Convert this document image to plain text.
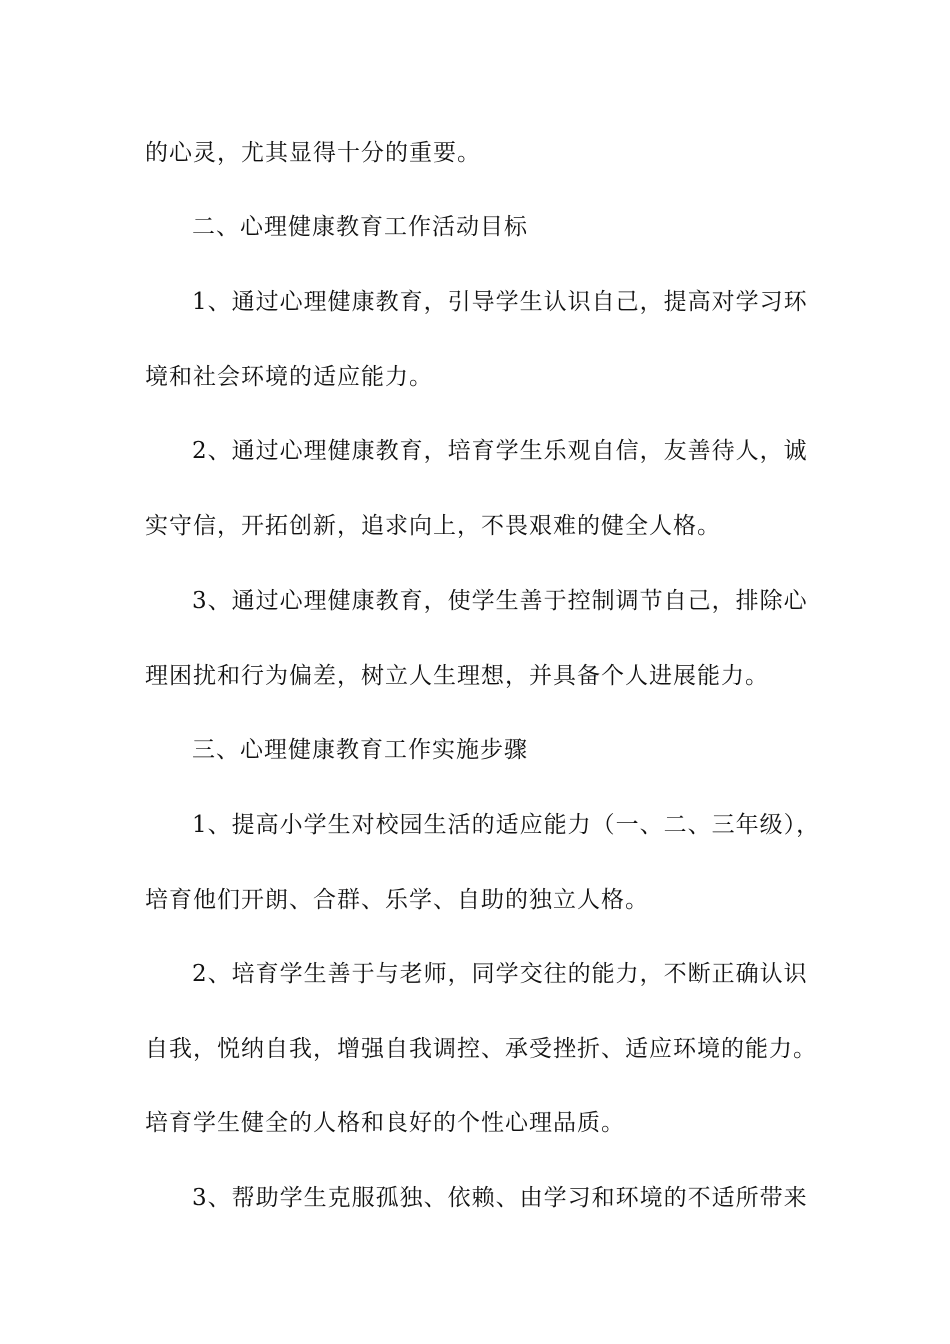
的心灵，尤其显得十分的重要。
二、心理健康教育工作活动目标
1、通过心理健康教育，引导学生认识自己，提高对学习环
境和社会环境的适应能力。
2、通过心理健康教育，培育学生乐观自信，友善待人，诚
实守信，开拓创新，追求向上，不畏艰难的健全人格。
3、通过心理健康教育，使学生善于控制调节自己，排除心
理困扰和行为偏差，树立人生理想，并具备个人进展能力。
三、心理健康教育工作实施步骤
1、提高小学生对校园生活的适应能力（一、二、三年级），
培育他们开朗、合群、乐学、自助的独立人格。
2、培育学生善于与老师，同学交往的能力，不断正确认识
自我，悦纳自我，增强自我调控、承受挫折、适应环境的能力。
培育学生健全的人格和良好的个性心理品质。
3、帮助学生克服孤独、依赖、由学习和环境的不适所带来
